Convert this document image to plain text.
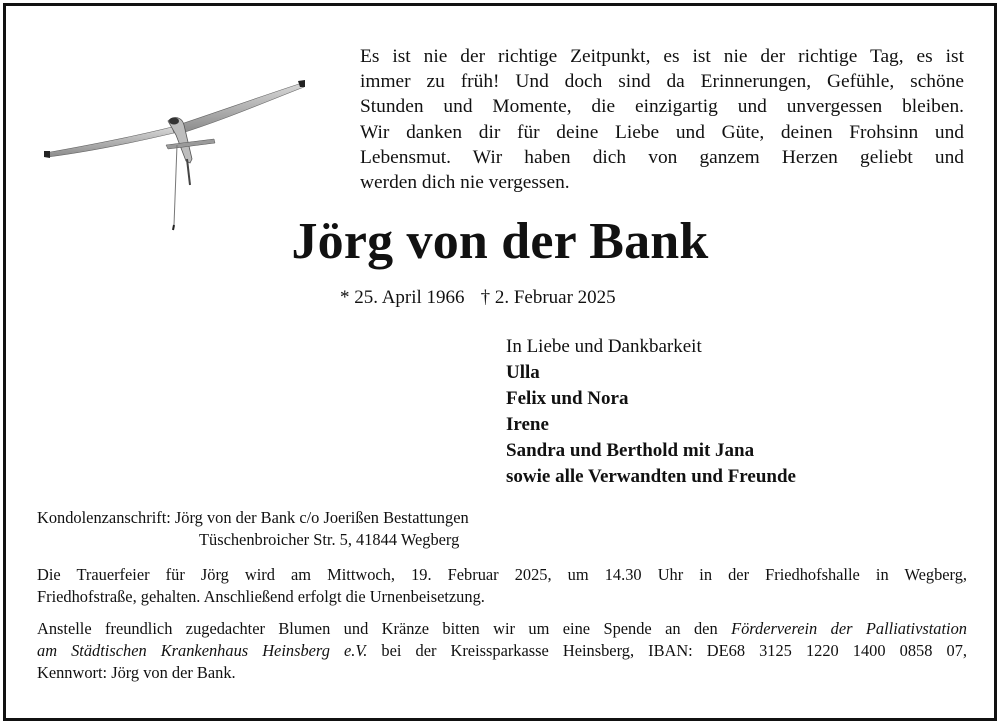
Es ist nie der richtige Zeitpunkt, es ist nie der richtige Tag, es ist
immer zu früh! Und doch sind da Erinnerungen, Gefühle, schöne
Stunden und Momente, die einzigartig und unvergessen bleiben.
Wir danken dir für deine Liebe und Güte, deinen Frohsinn und
Lebensmut. Wir haben dich von ganzem Herzen geliebt und
werden dich nie vergessen.
Jörg von der Bank
* 25. April 1966 † 2. Februar 2025
In Liebe und Dankbarkeit
Ulla
Felix und Nora
Irene
Sandra und Berthold mit Jana
sowie alle Verwandten und Freunde
Kondolenzanschrift: Jörg von der Bank c/o Joerißen Bestattungen
Tüschenbroicher Str. 5, 41844 Wegberg
Die Trauerfeier für Jörg wird am Mittwoch, 19. Februar 2025, um 14.30 Uhr in der Friedhofshalle in Wegberg,
Friedhofstraße, gehalten. Anschließend erfolgt die Urnenbeisetzung.
Anstelle freundlich zugedachter Blumen und Kränze bitten wir um eine Spende an den Förderverein der Palliativstation
am Städtischen Krankenhaus Heinsberg e.V. bei der Kreissparkasse Heinsberg, IBAN: DE68 3125 1220 1400 0858 07,
Kennwort: Jörg von der Bank.
